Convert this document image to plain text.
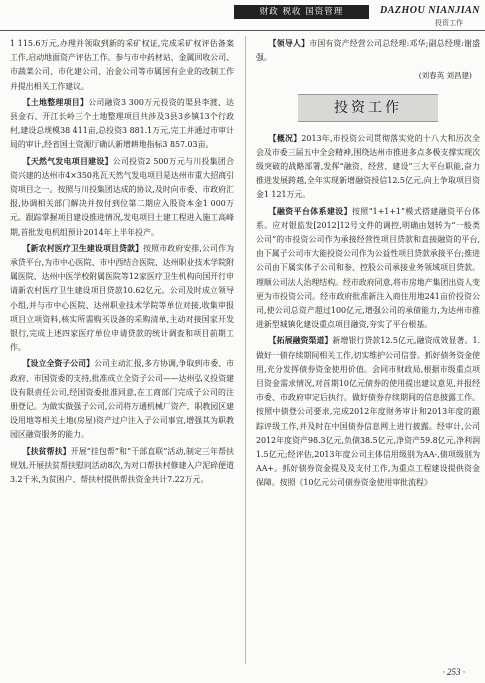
财政 税收 国资管理	DAZHOU NIANJIAN
投资工作

1 115.6万元,办理并领取到新的采矿权证,完成采矿权评估备案工作,启动地面资产评估工作。参与市中药材站、金属回收公司、市蔬菜公司、市化建公司、冶金公司等市属国有企业的改制工作并提出相关工作建议。

【土地整理项目】公司融资3 300万元投资的渠县李渡、达县金石、开江长岭三个土地整理项目共涉及3县3乡镇13个行政村,建设总规模38 411亩,总投资3 881.1万元,完工并通过市审计局的审计,经省国土资源厅确认新增耕地指标3 857.03亩。

【天然气发电项目建设】公司投资2 500万元与川投集团合资兴建的达州市4×350兆瓦天然气发电项目是达州市重大招商引资项目之一。按照与川投集团达成的协议,及时向市委、市政府汇报,协调相关部门解决并按付到位第二期应入股资本金1 000万元。跟踪掌握项目建设推进情况,发电项目土建工程进入施工高峰期,首批发电机组预计2014年上半年投产。

【新农村医疗卫生建设项目贷款】按照市政府安排,公司作为承贷平台,为市中心医院、市中西结合医院、达州职业技术学院附属医院、达州中医学校附属医院等12家医疗卫生机构向国开行申请新农村医疗卫生建设项目贷款10.62亿元。公司及时成立领导小组,并与市中心医院、达州职业技术学院等单位对接,收集审报项目立项资料,核实所需购买设备的采购清单,主动对接国家开发银行,完成上述四家医疗单位申请贷款的统计调查和项目前期工作。

【设立全资子公司】公司主动汇报,多方协调,争取到市委、市政府、市国资委的支持,批准成立全资子公司——达州弘义投资建设有限责任公司,经国资委批准同意,在工商部门完成子公司的注册登记。为做实做强子公司,公司将万通机械厂资产、职教园区建设用地等相关土地(房屋)资产过户注入子公司事宜,增强其为职教园区融资服务的能力。

【扶贫帮扶】开展“挂包帮”和“干部直联”活动,制定三年帮扶规划,开展扶贫帮扶慰问活动8次,为对口帮扶村修建入户泥碎便道3.2千米,为贫困户、帮扶村提供帮扶资金共计7.22万元。

【领导人】市国有资产经营公司总经理:邓华;副总经理:谢盛强。

(刘春英 刘昌建)
投资工作

【概况】2013年,市投资公司贯彻落实党的十八大和历次全会及市委三届五中全会精神,围绕达州市推进多点多极支撑实现次级突破的战略部署,发挥“融资、经营、建设”三大平台职能,奋力推进发展跨越,全年实现新增融资授信12.5亿元,向上争取项目资金1 121万元。

【融资平台体系建设】按照“1+1+1”模式搭建融资平台体系。应对银监发[2012]12号文件的调控,明确由划转为“一般类公司”的市投资公司作为承接经营性项目贷款和直接融资的平台,由下属子公司市大能投资公司作为公益性项目贷款承接平台;推进公司由下属实体子公司和参、控股公司承接业务领域项目贷款。理顺公司法人治理结构。经市政府同意,将市房地产集团出资人变更为市投资公司。经市政府批准新注入商住用地241亩价投资公司,使公司总资产超过100亿元,增强公司的承债能力,为达州市推进新型城镇化建设重点项目融资,夯实了平台根基。

【拓展融资渠道】新增银行贷款12.5亿元,融资成效显著。1.做好一债存续期间相关工作,切实维护公司信誉。抓好债务资金使用,充分发挥债券资金使用价值。会同市财政局,根据市级重点项目资金需求情况,对首期10亿元债券的使用提出建议意见,并报经市委、市政府审定后执行。做好债券存续期间的信息披露工作。按照中债登公司要求,完成2012年度财务审计和2013年度的跟踪评级工作,并及时在中国债券信息网上进行披露。经审计,公司2012年度资产98.3亿元,负债38.5亿元,净资产59.8亿元,净利润1.5亿元;经评估,2013年度公司主体信用级别为AA-,债项级别为AA+。抓好债券资金提及及支付工作,为重点工程建设提供资金保障。按照《10亿元公司债券资金使用审批流程》

· 253 ·
